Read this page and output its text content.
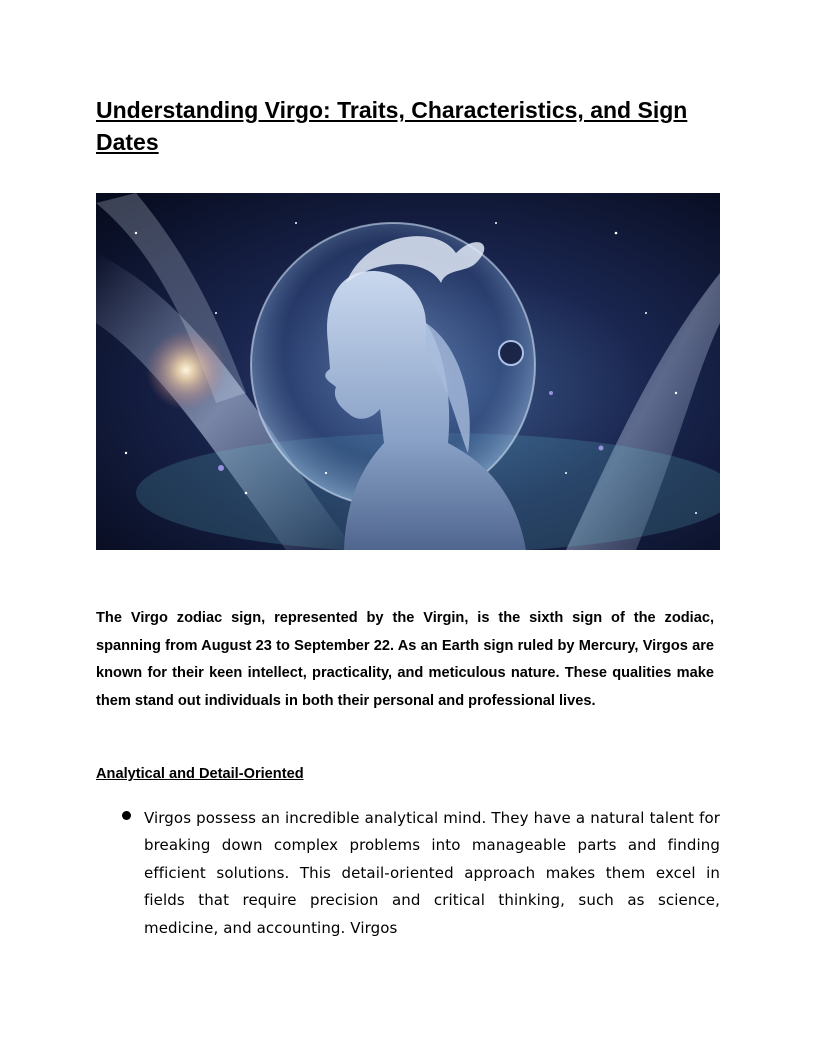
Understanding Virgo: Traits, Characteristics, and Sign Dates

The Virgo zodiac sign, represented by the Virgin, is the sixth sign of the zodiac, spanning from August 23 to September 22. As an Earth sign ruled by Mercury, Virgos are known for their keen intellect, practicality, and meticulous nature. These qualities make them stand out individuals in both their personal and professional lives.

Analytical and Detail-Oriented
Virgos possess an incredible analytical mind. They have a natural talent for breaking down complex problems into manageable parts and finding efficient solutions. This detail-oriented approach makes them excel in fields that require precision and critical thinking, such as science, medicine, and accounting. Virgos
